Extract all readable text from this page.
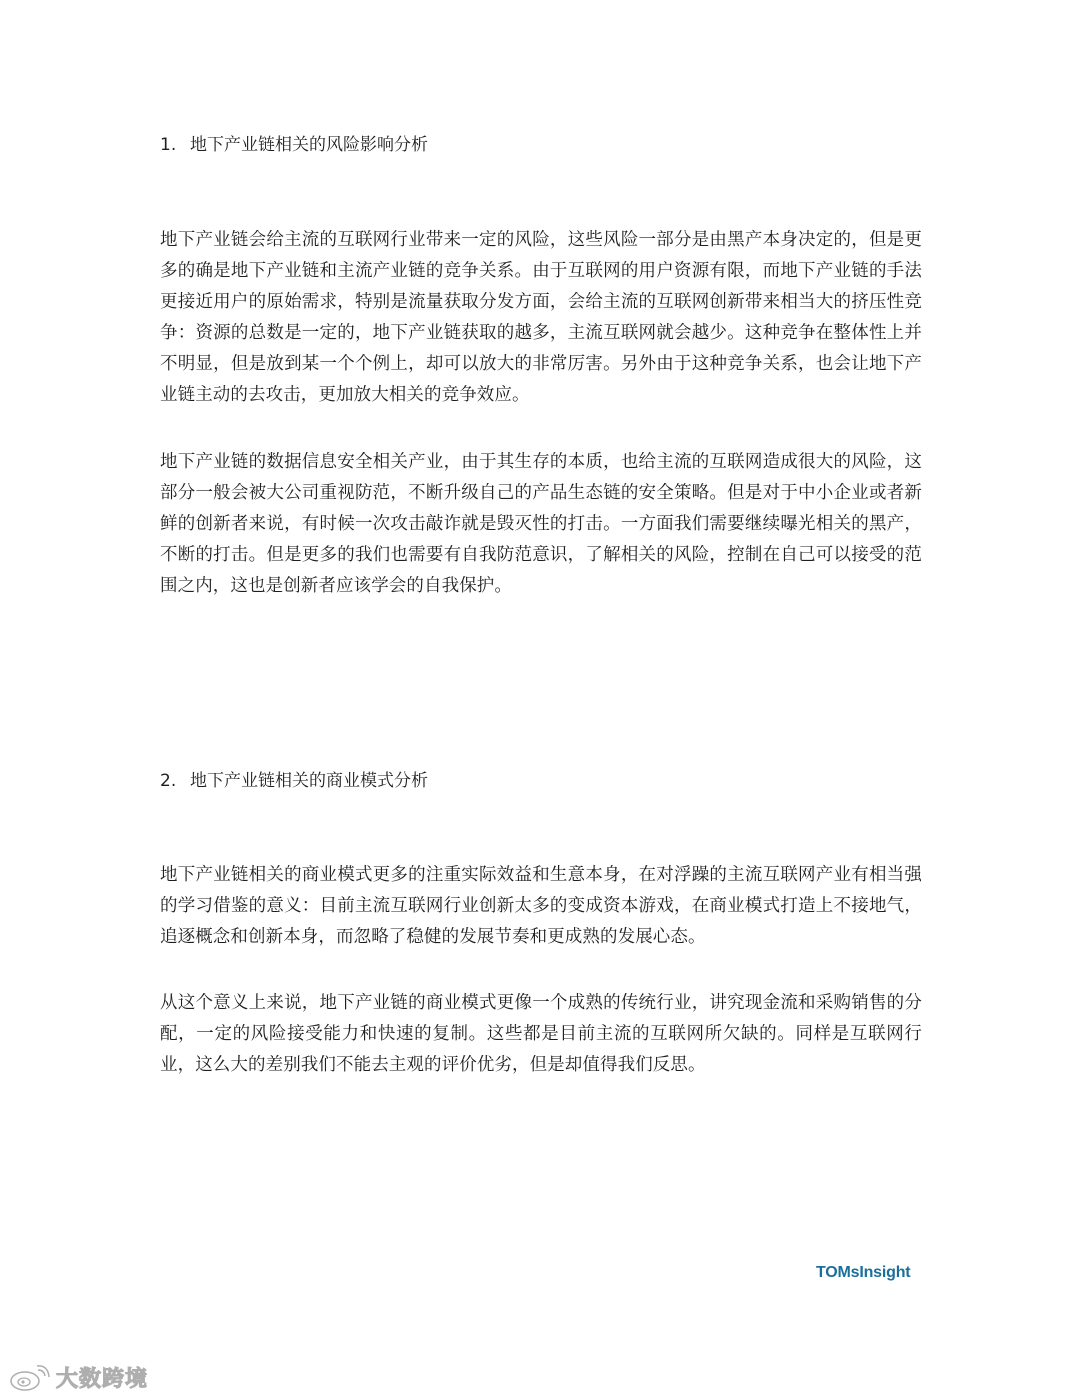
1. 地下产业链相关的风险影响分析
地下产业链会给主流的互联网行业带来一定的风险，这些风险一部分是由黑产本身决定的，但是更多的确是地下产业链和主流产业链的竞争关系。由于互联网的用户资源有限，而地下产业链的手法更接近用户的原始需求，特别是流量获取分发方面，会给主流的互联网创新带来相当大的挤压性竞争：资源的总数是一定的，地下产业链获取的越多，主流互联网就会越少。这种竞争在整体性上并不明显，但是放到某一个个例上，却可以放大的非常厉害。另外由于这种竞争关系，也会让地下产业链主动的去攻击，更加放大相关的竞争效应。
地下产业链的数据信息安全相关产业，由于其生存的本质，也给主流的互联网造成很大的风险，这部分一般会被大公司重视防范，不断升级自己的产品生态链的安全策略。但是对于中小企业或者新鲜的创新者来说，有时候一次攻击敲诈就是毁灭性的打击。一方面我们需要继续曝光相关的黑产，不断的打击。但是更多的我们也需要有自我防范意识，了解相关的风险，控制在自己可以接受的范围之内，这也是创新者应该学会的自我保护。
2. 地下产业链相关的商业模式分析
地下产业链相关的商业模式更多的注重实际效益和生意本身，在对浮躁的主流互联网产业有相当强的学习借鉴的意义：目前主流互联网行业创新太多的变成资本游戏，在商业模式打造上不接地气，追逐概念和创新本身，而忽略了稳健的发展节奏和更成熟的发展心态。
从这个意义上来说，地下产业链的商业模式更像一个成熟的传统行业，讲究现金流和采购销售的分配，一定的风险接受能力和快速的复制。这些都是目前主流的互联网所欠缺的。同样是互联网行业，这么大的差别我们不能去主观的评价优劣，但是却值得我们反思。
TOMsInsight
大数跨境
